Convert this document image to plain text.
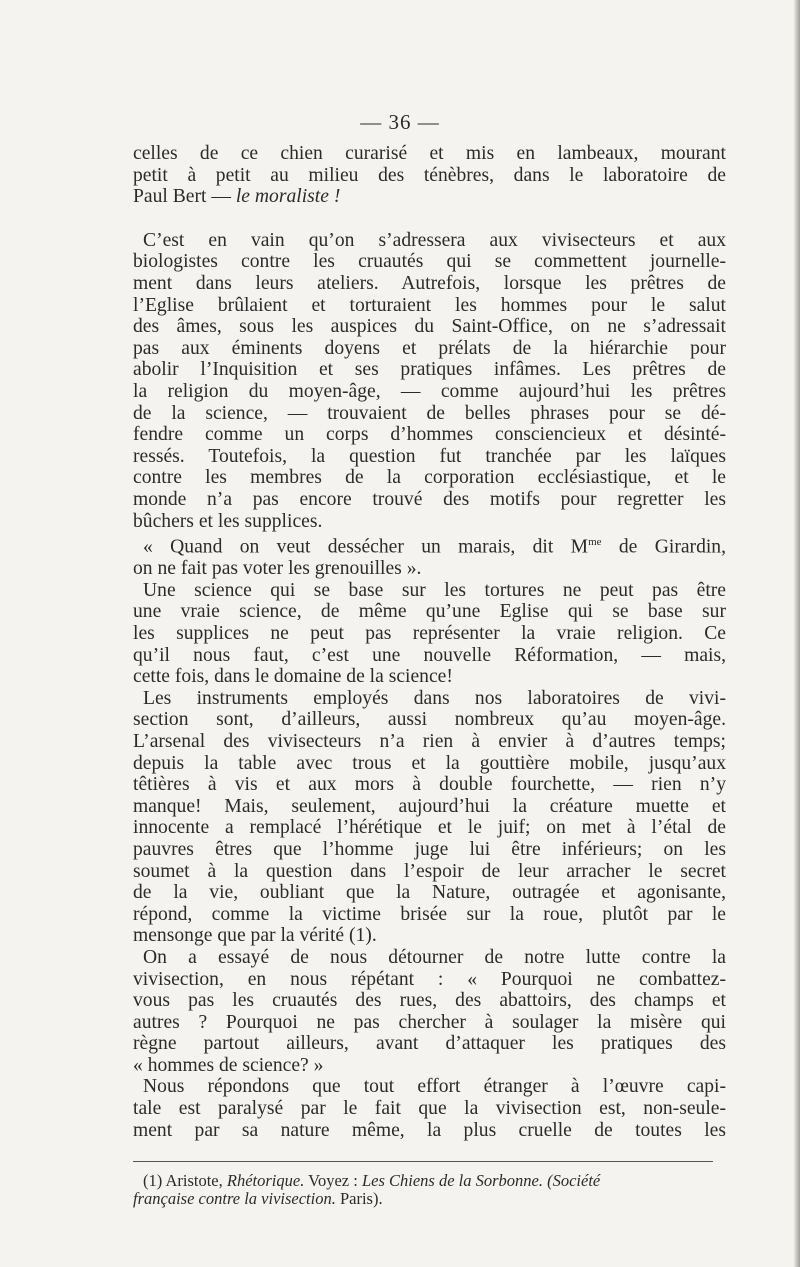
— 36 —
celles de ce chien curarisé et mis en lambeaux, mourant
petit à petit au milieu des ténèbres, dans le laboratoire de
Paul Bert — le moraliste !
C’est en vain qu’on s’adressera aux vivisecteurs et aux
biologistes contre les cruautés qui se commettent journelle-
ment dans leurs ateliers. Autrefois, lorsque les prêtres de
l’Eglise brûlaient et torturaient les hommes pour le salut
des âmes, sous les auspices du Saint-Office, on ne s’adressait
pas aux éminents doyens et prélats de la hiérarchie pour
abolir l’Inquisition et ses pratiques infâmes. Les prêtres de
la religion du moyen-âge, — comme aujourd’hui les prêtres
de la science, — trouvaient de belles phrases pour se dé-
fendre comme un corps d’hommes consciencieux et désinté-
ressés. Toutefois, la question fut tranchée par les laïques
contre les membres de la corporation ecclésiastique, et le
monde n’a pas encore trouvé des motifs pour regretter les
bûchers et les supplices.
« Quand on veut dessécher un marais, dit $M^{me}$ de Girardin,
on ne fait pas voter les grenouilles ».
Une science qui se base sur les tortures ne peut pas être
une vraie science, de même qu’une Eglise qui se base sur
les supplices ne peut pas représenter la vraie religion. Ce
qu’il nous faut, c’est une nouvelle Réformation, — mais,
cette fois, dans le domaine de la science!
Les instruments employés dans nos laboratoires de vivi-
section sont, d’ailleurs, aussi nombreux qu’au moyen-âge.
L’arsenal des vivisecteurs n’a rien à envier à d’autres temps;
depuis la table avec trous et la gouttière mobile, jusqu’aux
têtières à vis et aux mors à double fourchette, — rien n’y
manque! Mais, seulement, aujourd’hui la créature muette et
innocente a remplacé l’hérétique et le juif; on met à l’étal de
pauvres êtres que l’homme juge lui être inférieurs; on les
soumet à la question dans l’espoir de leur arracher le secret
de la vie, oubliant que la Nature, outragée et agonisante,
répond, comme la victime brisée sur la roue, plutôt par le
mensonge que par la vérité (1).
On a essayé de nous détourner de notre lutte contre la
vivisection, en nous répétant : « Pourquoi ne combattez-
vous pas les cruautés des rues, des abattoirs, des champs et
autres ? Pourquoi ne pas chercher à soulager la misère qui
règne partout ailleurs, avant d’attaquer les pratiques des
« hommes de science? »
Nous répondons que tout effort étranger à l’œuvre capi-
tale est paralysé par le fait que la vivisection est, non-seule-
ment par sa nature même, la plus cruelle de toutes les
(1) Aristote, Rhétorique. Voyez : Les Chiens de la Sorbonne. (Société
française contre la vivisection. Paris).
